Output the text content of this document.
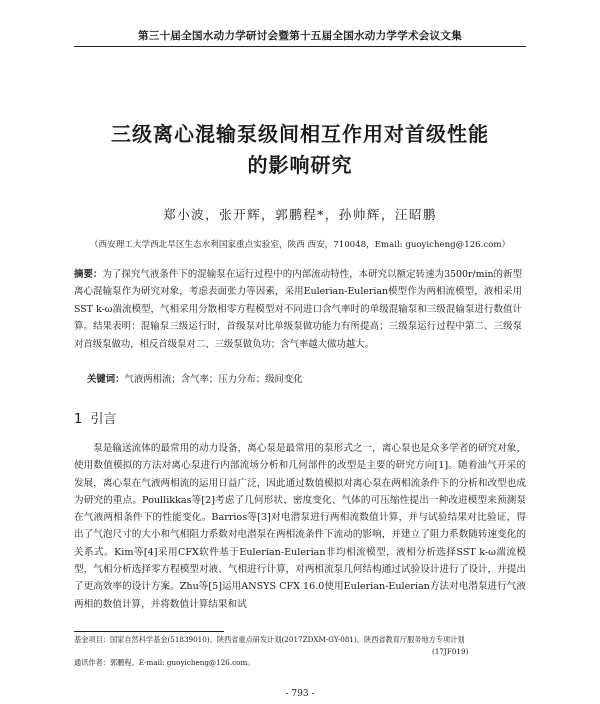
第三十届全国水动力学研讨会暨第十五届全国水动力学学术会议文集
三级离心混输泵级间相互作用对首级性能
的影响研究
郑小波，张开辉，郭鹏程*，孙帅辉，汪昭鹏
（西安理工大学西北旱区生态水利国家重点实验室，陕西 西安，710048，Email: guoyicheng@126.com）
摘要：为了探究气液条件下的混输泵在运行过程中的内部流动特性，本研究以额定转速为3500r/min的新型离心混输泵作为研究对象，考虑表面张力等因素，采用Eulerian-Eulerian模型作为两相流模型，液相采用SST k-ω湍流模型，气相采用分散相零方程模型对不同进口含气率时的单级混输泵和三级混输泵进行数值计算。结果表明：混输泵三级运行时，首级泵对比单级泵做功能力有所提高；三级泵运行过程中第二、三级泵对首级泵做功，相反首级泵对二、三级泵做负功；含气率越大做功越大。
关键词：气液两相流；含气率；压力分布；级间变化
1 引言
泵是输送流体的最常用的动力设备，离心泵是最常用的泵形式之一，离心泵也是众多学者的研究对象，使用数值模拟的方法对离心泵进行内部流场分析和几何部件的改型是主要的研究方向[1]。随着油气开采的发展，离心泵在气液两相流的运用日益广泛，因此通过数值模拟对离心泵在两相流条件下的分析和改型也成为研究的重点。Poullikkas等[2]考虑了几何形状、密度变化、气体的可压缩性提出一种改进模型来预测泵在气液两相条件下的性能变化。Barrios等[3]对电潜泵进行两相流数值计算，并与试验结果对比验证，得出了气泡尺寸的大小和气相阻力系数对电潜泵在两相流条件下流动的影响，并建立了阻力系数随转速变化的关系式。Kim等[4]采用CFX软件基于Eulerian-Eulerian非均相流模型，液相分析选择SST k-ω湍流模型，气相分析选择零方程模型对液、气相进行计算，对两相流泵几何结构通过试验设计进行了设计，并提出了更高效率的设计方案。Zhu等[5]运用ANSYS CFX 16.0使用Eulerian-Eulerian方法对电潜泵进行气液两相的数值计算，并将数值计算结果和试
基金项目：国家自然科学基金(51839010)、陕西省重点研发计划(2017ZDXM-GY-081)、陕西省教育厅服务地方专项计划
(17JF019)
通讯作者：郭鹏程。E-mail: guoyicheng@126.com。
- 793 -
